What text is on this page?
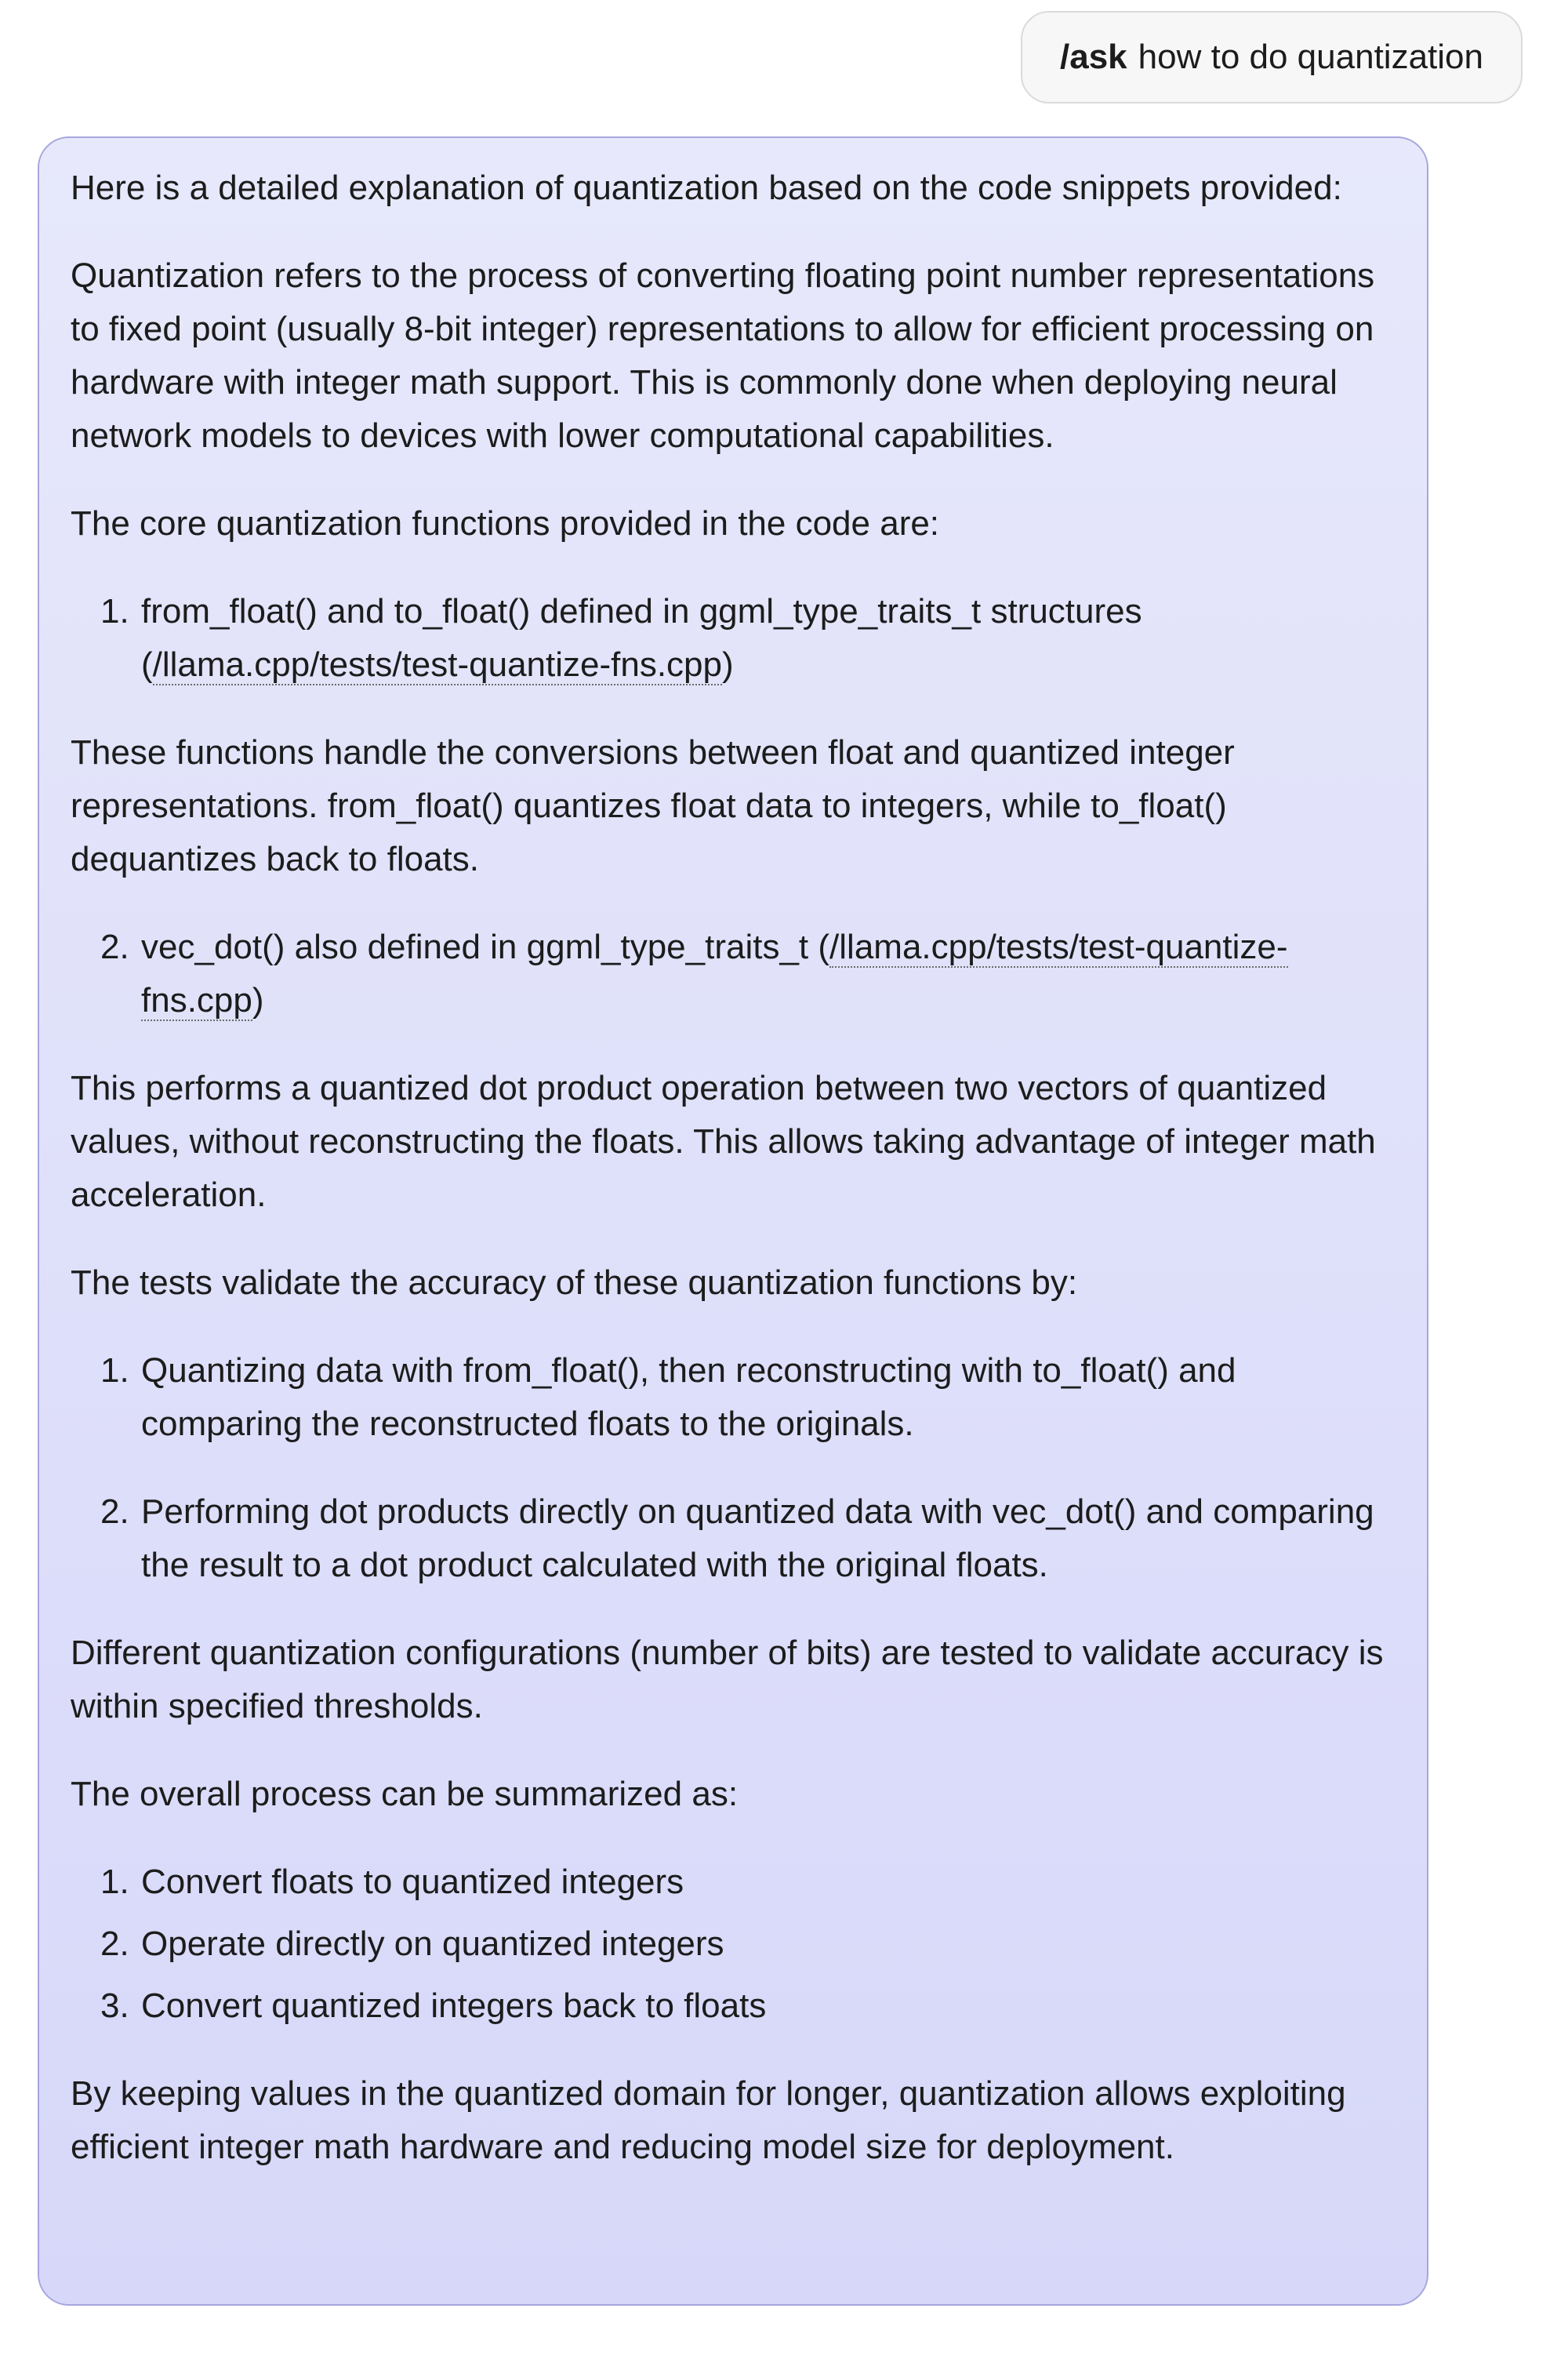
/ask how to do quantization

Here is a detailed explanation of quantization based on the code snippets provided:

Quantization refers to the process of converting floating point number representations to fixed point (usually 8-bit integer) representations to allow for efficient processing on hardware with integer math support. This is commonly done when deploying neural network models to devices with lower computational capabilities.

The core quantization functions provided in the code are:

1. from_float() and to_float() defined in ggml_type_traits_t structures (/llama.cpp/tests/test-quantize-fns.cpp)

These functions handle the conversions between float and quantized integer representations. from_float() quantizes float data to integers, while to_float() dequantizes back to floats.

2. vec_dot() also defined in ggml_type_traits_t (/llama.cpp/tests/test-quantize-fns.cpp)

This performs a quantized dot product operation between two vectors of quantized values, without reconstructing the floats. This allows taking advantage of integer math acceleration.

The tests validate the accuracy of these quantization functions by:

1. Quantizing data with from_float(), then reconstructing with to_float() and comparing the reconstructed floats to the originals.
2. Performing dot products directly on quantized data with vec_dot() and comparing the result to a dot product calculated with the original floats.

Different quantization configurations (number of bits) are tested to validate accuracy is within specified thresholds.

The overall process can be summarized as:

1. Convert floats to quantized integers
2. Operate directly on quantized integers
3. Convert quantized integers back to floats

By keeping values in the quantized domain for longer, quantization allows exploiting efficient integer math hardware and reducing model size for deployment.
